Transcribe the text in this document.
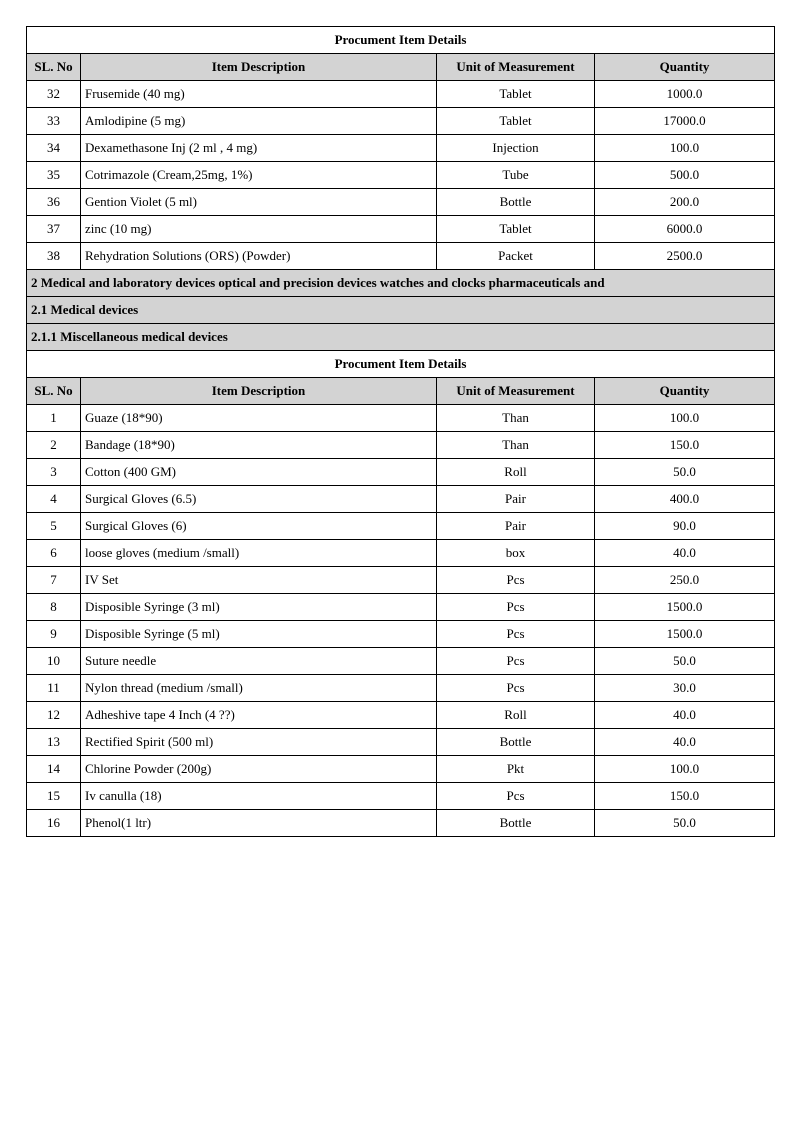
Procument Item Details			
SL. No	Item Description	Unit of Measurement	Quantity
32	Frusemide (40 mg)	Tablet	1000.0
33	Amlodipine (5 mg)	Tablet	17000.0
34	Dexamethasone Inj (2 ml , 4 mg)	Injection	100.0
35	Cotrimazole (Cream,25mg, 1%)	Tube	500.0
36	Gention Violet (5 ml)	Bottle	200.0
37	zinc (10 mg)	Tablet	6000.0
38	Rehydration Solutions (ORS) (Powder)	Packet	2500.0
2 Medical and laboratory devices optical and precision devices watches and clocks pharmaceuticals and			
2.1 Medical devices			
2.1.1 Miscellaneous medical devices			
Procument Item Details			
SL. No	Item Description	Unit of Measurement	Quantity
1	Guaze (18*90)	Than	100.0
2	Bandage (18*90)	Than	150.0
3	Cotton (400 GM)	Roll	50.0
4	Surgical Gloves (6.5)	Pair	400.0
5	Surgical Gloves (6)	Pair	90.0
6	loose gloves (medium /small)	box	40.0
7	IV Set	Pcs	250.0
8	Disposible Syringe (3 ml)	Pcs	1500.0
9	Disposible Syringe (5 ml)	Pcs	1500.0
10	Suture needle	Pcs	50.0
11	Nylon thread (medium /small)	Pcs	30.0
12	Adheshive tape 4 Inch (4 ??)	Roll	40.0
13	Rectified Spirit (500 ml)	Bottle	40.0
14	Chlorine Powder (200g)	Pkt	100.0
15	Iv canulla (18)	Pcs	150.0
16	Phenol(1 ltr)	Bottle	50.0
